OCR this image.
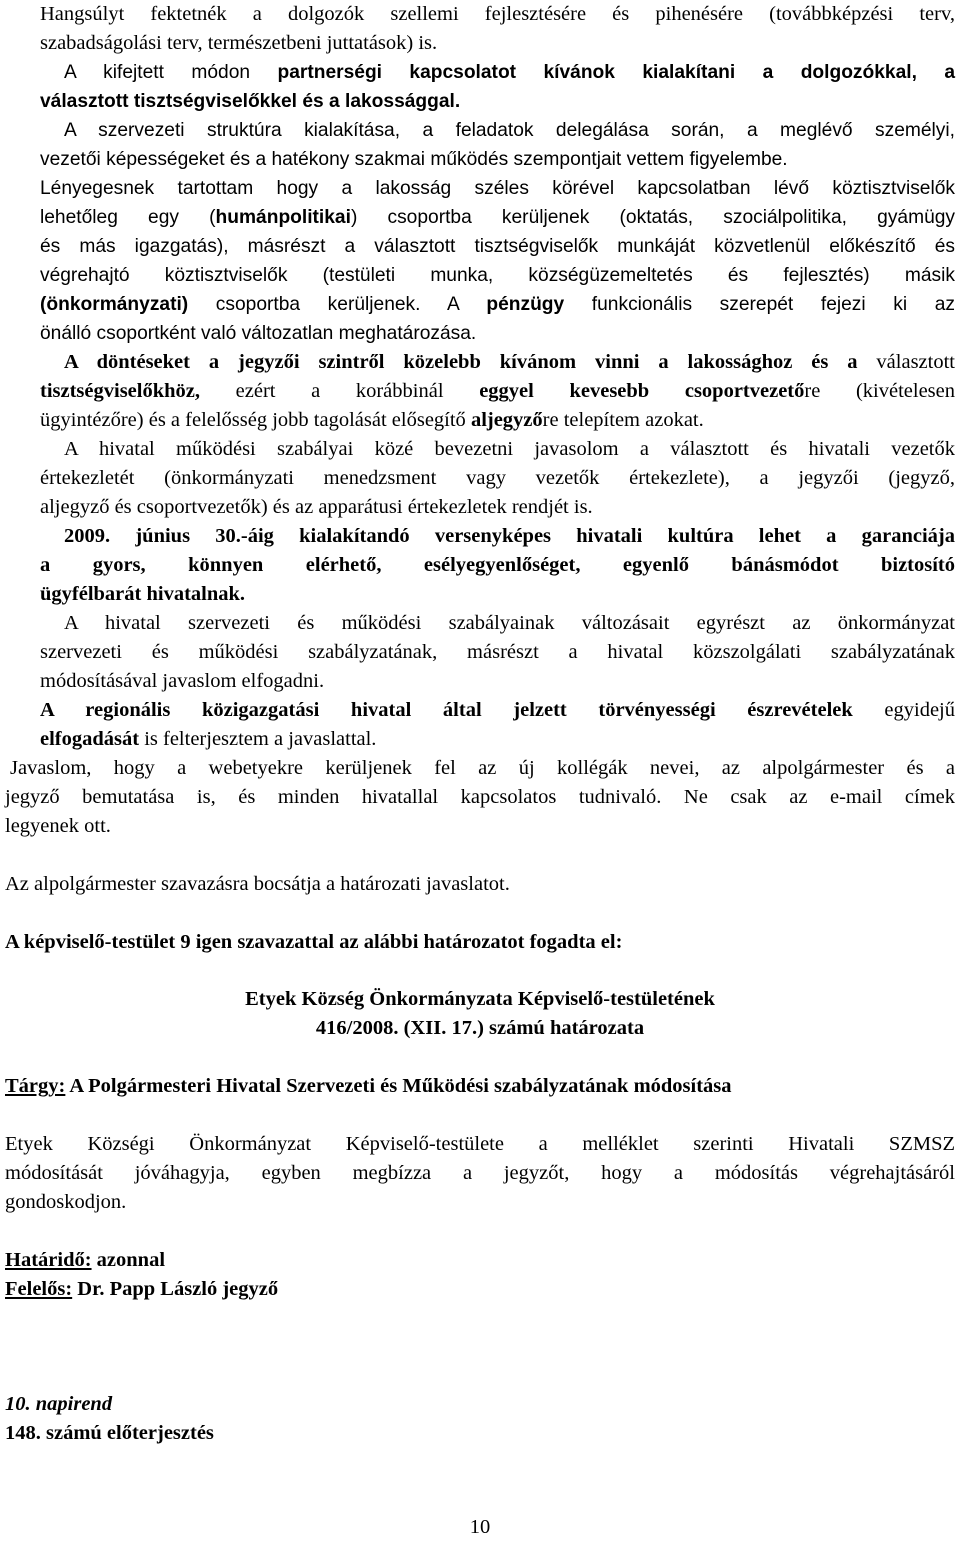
Hangsúlyt fektetnék a dolgozók szellemi fejlesztésére és pihenésére (továbbképzési terv,
szabadságolási terv, természetbeni juttatások) is.
A kifejtett módon partnerségi kapcsolatot kívánok kialakítani a dolgozókkal, a
választott tisztségviselőkkel és a lakossággal.
A szervezeti struktúra kialakítása, a feladatok delegálása során, a meglévő személyi,
vezetői képességeket és a hatékony szakmai működés szempontjait vettem figyelembe.
Lényegesnek tartottam hogy a lakosság széles körével kapcsolatban lévő köztisztviselők
lehetőleg egy (humánpolitikai) csoportba kerüljenek (oktatás, szociálpolitika, gyámügy
és más igazgatás), másrészt a választott tisztségviselők munkáját közvetlenül előkészítő és
végrehajtó köztisztviselők (testületi munka, községüzemeltetés és fejlesztés) másik
(önkormányzati) csoportba kerüljenek. A pénzügy funkcionális szerepét fejezi ki az
önálló csoportként való változatlan meghatározása.
A döntéseket a jegyzői szintről közelebb kívánom vinni a lakossághoz és a választott
tisztségviselőkhöz, ezért a korábbinál eggyel kevesebb csoportvezetőre (kivételesen
ügyintézőre) és a felelősség jobb tagolását elősegítő aljegyzőre telepítem azokat.
A hivatal működési szabályai közé bevezetni javasolom a választott és hivatali vezetők
értekezletét (önkormányzati menedzsment vagy vezetők értekezlete), a jegyzői (jegyző,
aljegyző és csoportvezetők) és az apparátusi értekezletek rendjét is.
2009. június 30.-áig kialakítandó versenyképes hivatali kultúra lehet a garanciája
a gyors, könnyen elérhető, esélyegyenlőséget, egyenlő bánásmódot biztosító
ügyfélbarát hivatalnak.
A hivatal szervezeti és működési szabályainak változásait egyrészt az önkormányzat
szervezeti és működési szabályzatának, másrészt a hivatal közszolgálati szabályzatának
módosításával javaslom elfogadni.
A regionális közigazgatási hivatal által jelzett törvényességi észrevételek egyidejű
elfogadását is felterjesztem a javaslattal.
Javaslom, hogy a webetyekre kerüljenek fel az új kollégák nevei, az alpolgármester és a
jegyző bemutatása is, és minden hivatallal kapcsolatos tudnivaló. Ne csak az e-mail címek
legyenek ott.
Az alpolgármester szavazásra bocsátja a határozati javaslatot.
A képviselő-testület 9 igen szavazattal az alábbi határozatot fogadta el:
Etyek Község Önkormányzata Képviselő-testületének
416/2008. (XII. 17.) számú határozata
Tárgy: A Polgármesteri Hivatal Szervezeti és Működési szabályzatának módosítása
Etyek Községi Önkormányzat Képviselő-testülete a melléklet szerinti Hivatali SZMSZ
módosítását jóváhagyja, egyben megbízza a jegyzőt, hogy a módosítás végrehajtásáról
gondoskodjon.
Határidő: azonnal
Felelős: Dr. Papp László jegyző
10. napirend
148. számú előterjesztés
10
